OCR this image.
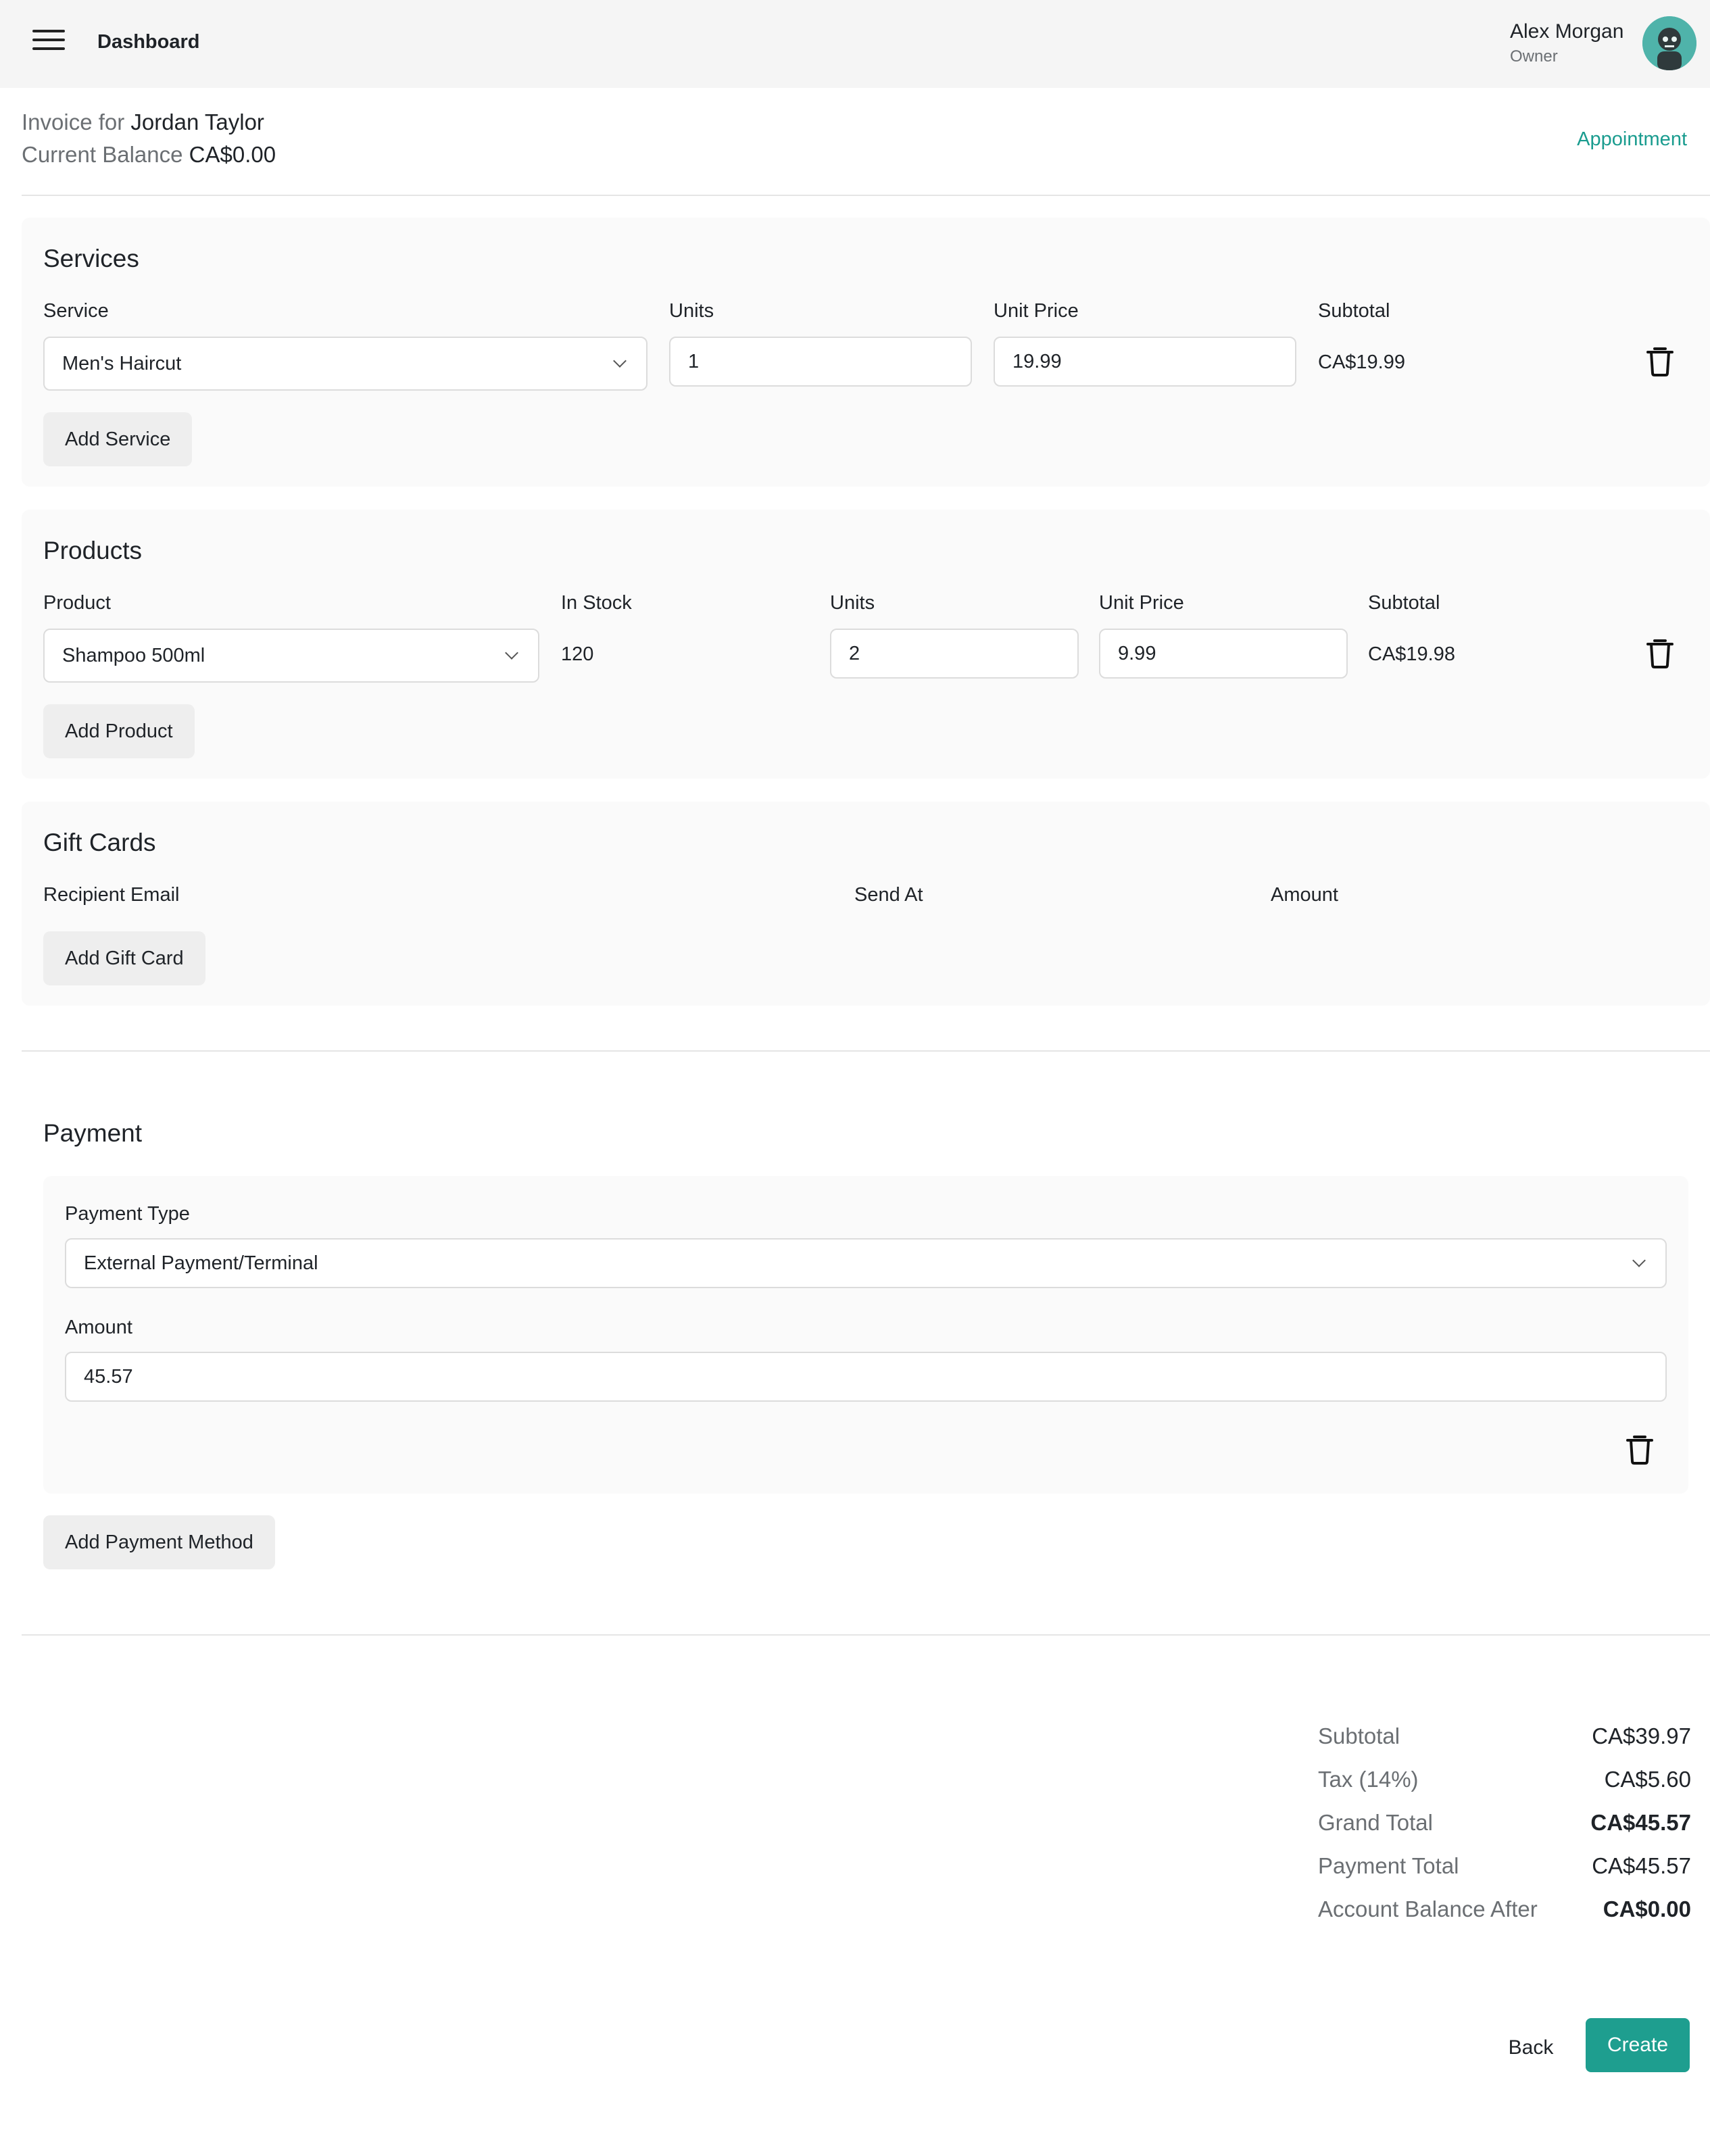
Dashboard	Alex Morgan
Owner
Invoice for Jordan Taylor
Current Balance CA$0.00
Appointment
Services
Service	Units	Unit Price	Subtotal
Men's Haircut	1	19.99	CA$19.99
Add Service
Products
Product	In Stock	Units	Unit Price	Subtotal
Shampoo 500ml	120	2	9.99	CA$19.98
Add Product
Gift Cards
Recipient Email	Send At	Amount
Add Gift Card
Payment
Payment Type
External Payment/Terminal
Amount
45.57
Add Payment Method
Subtotal	CA$39.97
Tax (14%)	CA$5.60
Grand Total	CA$45.57
Payment Total	CA$45.57
Account Balance After	CA$0.00
Back	Create
